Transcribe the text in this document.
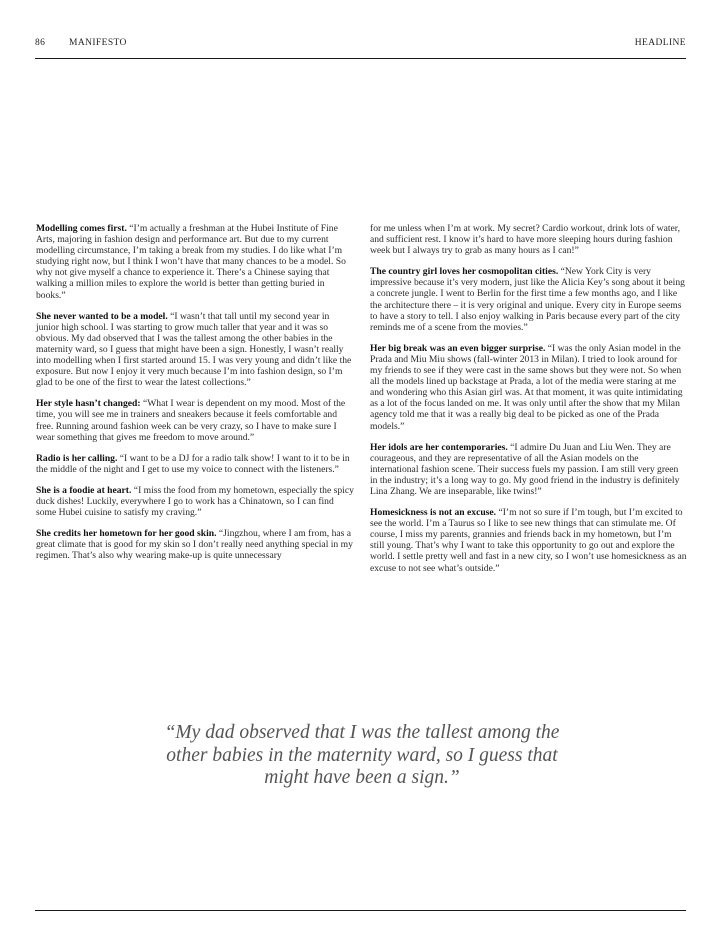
86 MANIFESTO	HEADLINE

Modelling comes first. “I’m actually a freshman at the Hubei Institute of Fine Arts, majoring in fashion design and performance art. But due to my current modelling circumstance, I’m taking a break from my studies. I do like what I’m studying right now, but I think I won’t have that many chances to be a model. So why not give myself a chance to experience it. There’s a Chinese saying that walking a million miles to explore the world is better than getting buried in books.”

She never wanted to be a model. “I wasn’t that tall until my second year in junior high school. I was starting to grow much taller that year and it was so obvious. My dad observed that I was the tallest among the other babies in the maternity ward, so I guess that might have been a sign. Honestly, I wasn’t really into modelling when I first started around 15. I was very young and didn’t like the exposure. But now I enjoy it very much because I’m into fashion design, so I’m glad to be one of the first to wear the latest collections.”

Her style hasn’t changed: “What I wear is dependent on my mood. Most of the time, you will see me in trainers and sneakers because it feels comfortable and free. Running around fashion week can be very crazy, so I have to make sure I wear something that gives me freedom to move around.”

Radio is her calling. “I want to be a DJ for a radio talk show! I want to it to be in the middle of the night and I get to use my voice to connect with the listeners.”

She is a foodie at heart. “I miss the food from my hometown, especially the spicy duck dishes! Luckily, everywhere I go to work has a Chinatown, so I can find some Hubei cuisine to satisfy my craving.”

She credits her hometown for her good skin. “Jingzhou, where I am from, has a great climate that is good for my skin so I don’t really need anything special in my regimen. That’s also why wearing make-up is quite unnecessary

for me unless when I’m at work. My secret? Cardio workout, drink lots of water, and sufficient rest. I know it’s hard to have more sleeping hours during fashion week but I always try to grab as many hours as I can!”

The country girl loves her cosmopolitan cities. “New York City is very impressive because it’s very modern, just like the Alicia Key’s song about it being a concrete jungle. I went to Berlin for the first time a few months ago, and I like the architecture there – it is very original and unique. Every city in Europe seems to have a story to tell. I also enjoy walking in Paris because every part of the city reminds me of a scene from the movies.”

Her big break was an even bigger surprise. “I was the only Asian model in the Prada and Miu Miu shows (fall-winter 2013 in Milan). I tried to look around for my friends to see if they were cast in the same shows but they were not. So when all the models lined up backstage at Prada, a lot of the media were staring at me and wondering who this Asian girl was. At that moment, it was quite intimidating as a lot of the focus landed on me. It was only until after the show that my Milan agency told me that it was a really big deal to be picked as one of the Prada models.”

Her idols are her contemporaries. “I admire Du Juan and Liu Wen. They are courageous, and they are representative of all the Asian models on the international fashion scene. Their success fuels my passion. I am still very green in the industry; it’s a long way to go. My good friend in the industry is definitely Lina Zhang. We are inseparable, like twins!”

Homesickness is not an excuse. “I’m not so sure if I’m tough, but I’m excited to see the world. I’m a Taurus so I like to see new things that can stimulate me. Of course, I miss my parents, grannies and friends back in my hometown, but I’m still young. That’s why I want to take this opportunity to go out and explore the world. I settle pretty well and fast in a new city, so I won’t use homesickness as an excuse to not see what’s outside.”

“My dad observed that I was the tallest among the other babies in the maternity ward, so I guess that might have been a sign.”
